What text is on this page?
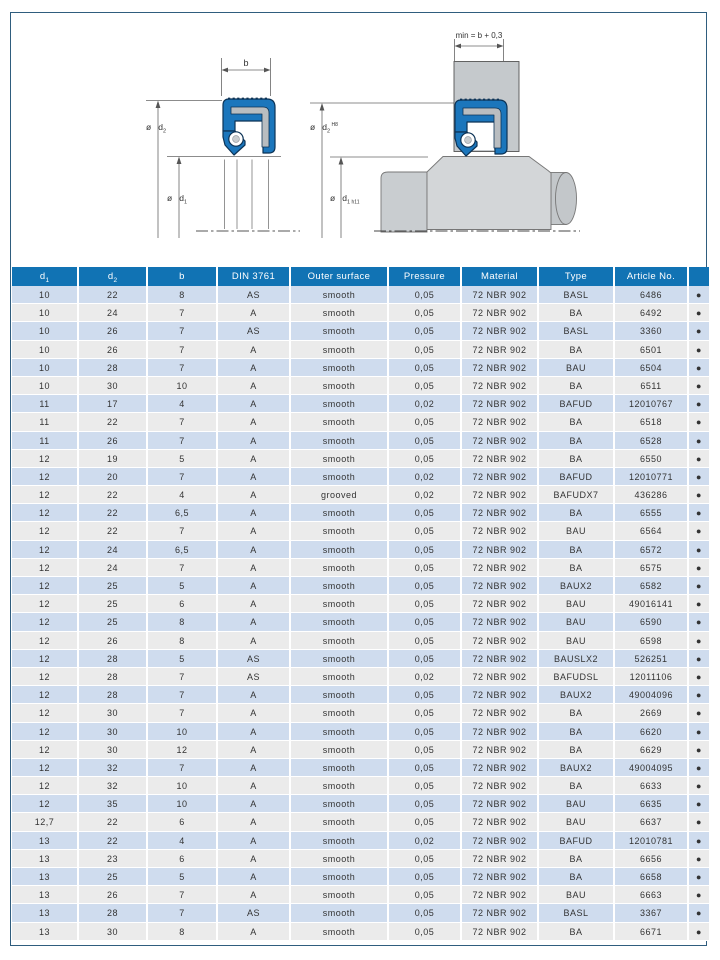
b
ø $d_2$
ø $d_1$
ø $d_2^{H8}$
ø $d_1$ h11
min = b + 0,3
$d_1$	$d_2$	b	DIN 3761	Outer surface	Pressure	Material	Type	Article No.
10	22	8	AS	smooth	0,05	72 NBR 902	BASL	6486	●
10	24	7	A	smooth	0,05	72 NBR 902	BA	6492	●
10	26	7	AS	smooth	0,05	72 NBR 902	BASL	3360	●
10	26	7	A	smooth	0,05	72 NBR 902	BA	6501	●
10	28	7	A	smooth	0,05	72 NBR 902	BAU	6504	●
10	30	10	A	smooth	0,05	72 NBR 902	BA	6511	●
11	17	4	A	smooth	0,02	72 NBR 902	BAFUD	12010767	●
11	22	7	A	smooth	0,05	72 NBR 902	BA	6518	●
11	26	7	A	smooth	0,05	72 NBR 902	BA	6528	●
12	19	5	A	smooth	0,05	72 NBR 902	BA	6550	●
12	20	7	A	smooth	0,02	72 NBR 902	BAFUD	12010771	●
12	22	4	A	grooved	0,02	72 NBR 902	BAFUDX7	436286	●
12	22	6,5	A	smooth	0,05	72 NBR 902	BA	6555	●
12	22	7	A	smooth	0,05	72 NBR 902	BAU	6564	●
12	24	6,5	A	smooth	0,05	72 NBR 902	BA	6572	●
12	24	7	A	smooth	0,05	72 NBR 902	BA	6575	●
12	25	5	A	smooth	0,05	72 NBR 902	BAUX2	6582	●
12	25	6	A	smooth	0,05	72 NBR 902	BAU	49016141	●
12	25	8	A	smooth	0,05	72 NBR 902	BAU	6590	●
12	26	8	A	smooth	0,05	72 NBR 902	BAU	6598	●
12	28	5	AS	smooth	0,05	72 NBR 902	BAUSLX2	526251	●
12	28	7	AS	smooth	0,02	72 NBR 902	BAFUDSL	12011106	●
12	28	7	A	smooth	0,05	72 NBR 902	BAUX2	49004096	●
12	30	7	A	smooth	0,05	72 NBR 902	BA	2669	●
12	30	10	A	smooth	0,05	72 NBR 902	BA	6620	●
12	30	12	A	smooth	0,05	72 NBR 902	BA	6629	●
12	32	7	A	smooth	0,05	72 NBR 902	BAUX2	49004095	●
12	32	10	A	smooth	0,05	72 NBR 902	BA	6633	●
12	35	10	A	smooth	0,05	72 NBR 902	BAU	6635	●
12,7	22	6	A	smooth	0,05	72 NBR 902	BAU	6637	●
13	22	4	A	smooth	0,02	72 NBR 902	BAFUD	12010781	●
13	23	6	A	smooth	0,05	72 NBR 902	BA	6656	●
13	25	5	A	smooth	0,05	72 NBR 902	BA	6658	●
13	26	7	A	smooth	0,05	72 NBR 902	BAU	6663	●
13	28	7	AS	smooth	0,05	72 NBR 902	BASL	3367	●
13	30	8	A	smooth	0,05	72 NBR 902	BA	6671	●
